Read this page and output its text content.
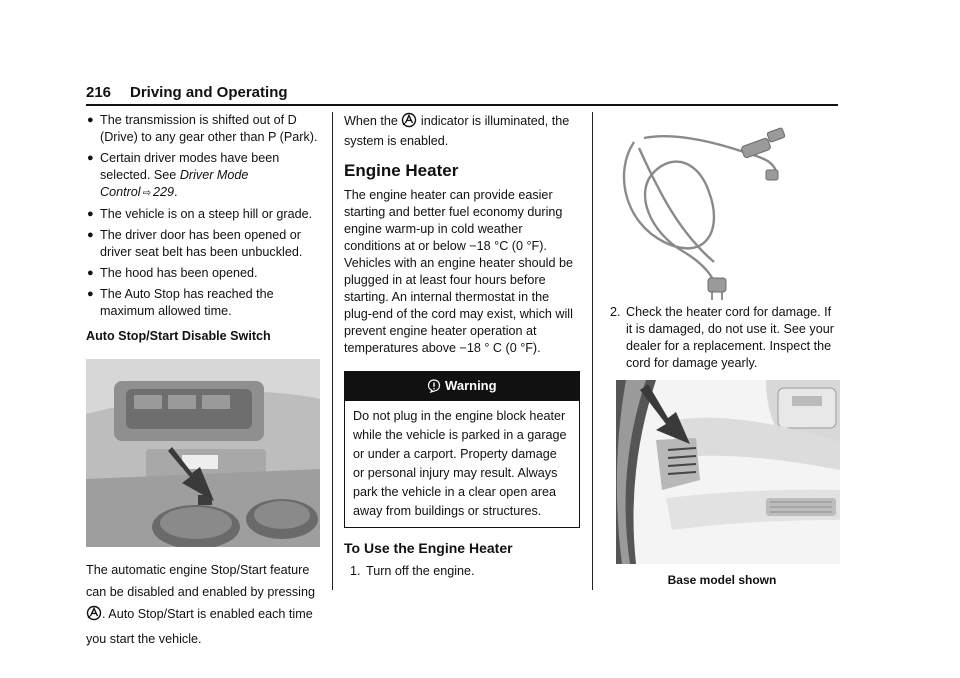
216 Driving and Operating
● The transmission is shifted out of D (Drive) to any gear other than P (Park).
● Certain driver modes have been selected. See Driver Mode Control ⇨ 229.
● The vehicle is on a steep hill or grade.
● The driver door has been opened or driver seat belt has been unbuckled.
● The hood has been opened.
● The Auto Stop has reached the maximum allowed time.

Auto Stop/Start Disable Switch

The automatic engine Stop/Start feature can be disabled and enabled by pressing . Auto Stop/Start is enabled each time you start the vehicle.

When the indicator is illuminated, the system is enabled.

Engine Heater

The engine heater can provide easier starting and better fuel economy during engine warm-up in cold weather conditions at or below −18 °C (0 °F). Vehicles with an engine heater should be plugged in at least four hours before starting. An internal thermostat in the plug-end of the cord may exist, which will prevent engine heater operation at temperatures above −18 ° C (0 °F).

Warning
Do not plug in the engine block heater while the vehicle is parked in a garage or under a carport. Property damage or personal injury may result. Always park the vehicle in a clear open area away from buildings or structures.
To Use the Engine Heater
1. Turn off the engine.
2. Check the heater cord for damage. If it is damaged, do not use it. See your dealer for a replacement. Inspect the cord for damage yearly.
Base model shown
